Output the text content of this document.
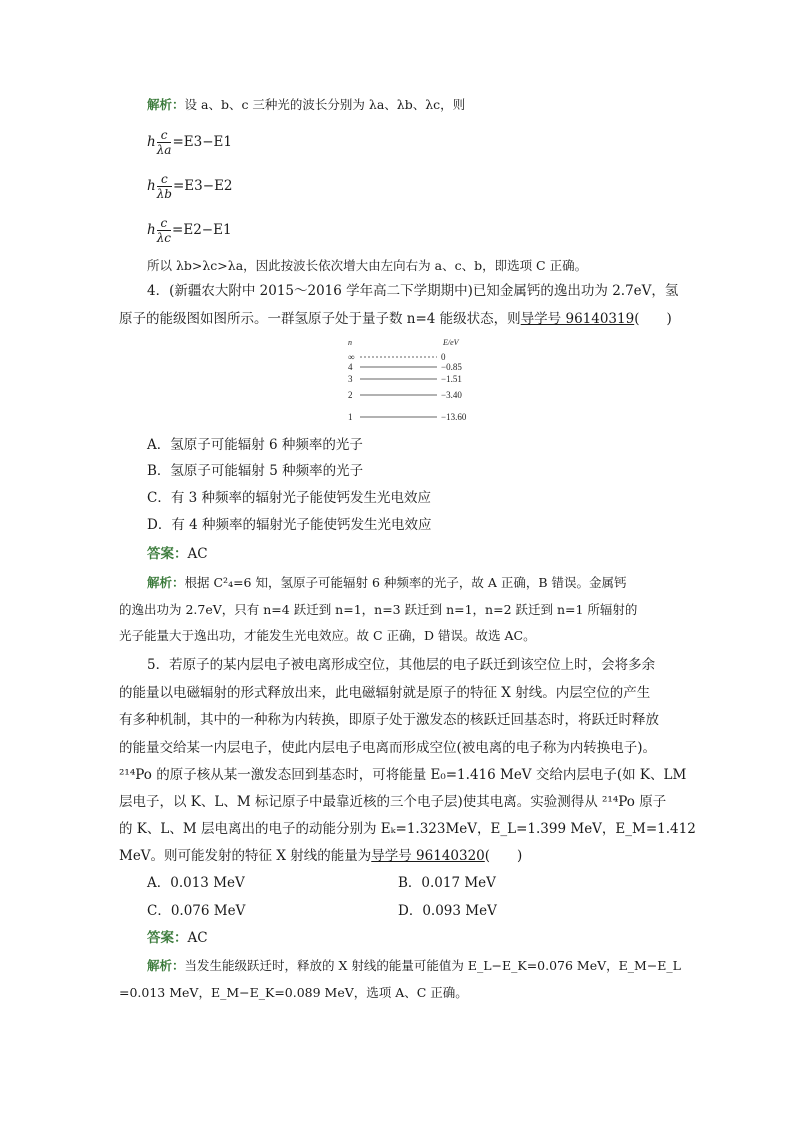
解析：设 a、b、c 三种光的波长分别为 λa、λb、λc，则
h $\frac{c}{\lambda a} =E3-E1$
h $\frac{c}{\lambda b} =E3-E2$
h $\frac{c}{\lambda c} =E2-E1$
所以 λb>λc>λa，因此按波长依次增大由左向右为 a、c、b，即选项 C 正确。
4．(新疆农大附中 2015～2016 学年高二下学期期中)已知金属钙的逸出功为 2.7eV，氢
原子的能级图如图所示。一群氢原子处于量子数 n=4 能级状态，则导学号 96140319(　　)
n	E/eV
∞	0
4	−0.85
3	−1.51
2	−3.40
1	−13.60
A．氢原子可能辐射 6 种频率的光子
B．氢原子可能辐射 5 种频率的光子
C．有 3 种频率的辐射光子能使钙发生光电效应
D．有 4 种频率的辐射光子能使钙发生光电效应
答案：AC
解析：根据 C²₄=6 知，氢原子可能辐射 6 种频率的光子，故 A 正确，B 错误。金属钙
的逸出功为 2.7eV，只有 n=4 跃迁到 n=1，n=3 跃迁到 n=1，n=2 跃迁到 n=1 所辐射的
光子能量大于逸出功，才能发生光电效应。故 C 正确，D 错误。故选 AC。
5．若原子的某内层电子被电离形成空位，其他层的电子跃迁到该空位上时，会将多余
的能量以电磁辐射的形式释放出来，此电磁辐射就是原子的特征 X 射线。内层空位的产生
有多种机制，其中的一种称为内转换，即原子处于激发态的核跃迁回基态时，将跃迁时释放
的能量交给某一内层电子，使此内层电子电离而形成空位(被电离的电子称为内转换电子)。
²¹⁴Po 的原子核从某一激发态回到基态时，可将能量 E₀=1.416 MeV 交给内层电子(如 K、LM
层电子，以 K、L、M 标记原子中最靠近核的三个电子层)使其电离。实验测得从 ²¹⁴Po 原子
的 K、L、M 层电离出的电子的动能分别为 Eₖ=1.323MeV，E_L=1.399 MeV，E_M=1.412
MeV。则可能发射的特征 X 射线的能量为导学号 96140320(　　)
A．0.013 MeV	B．0.017 MeV
C．0.076 MeV	D．0.093 MeV
答案：AC
解析：当发生能级跃迁时，释放的 X 射线的能量可能值为 E_L−E_K=0.076 MeV，E_M−E_L
=0.013 MeV，E_M−E_K=0.089 MeV，选项 A、C 正确。
